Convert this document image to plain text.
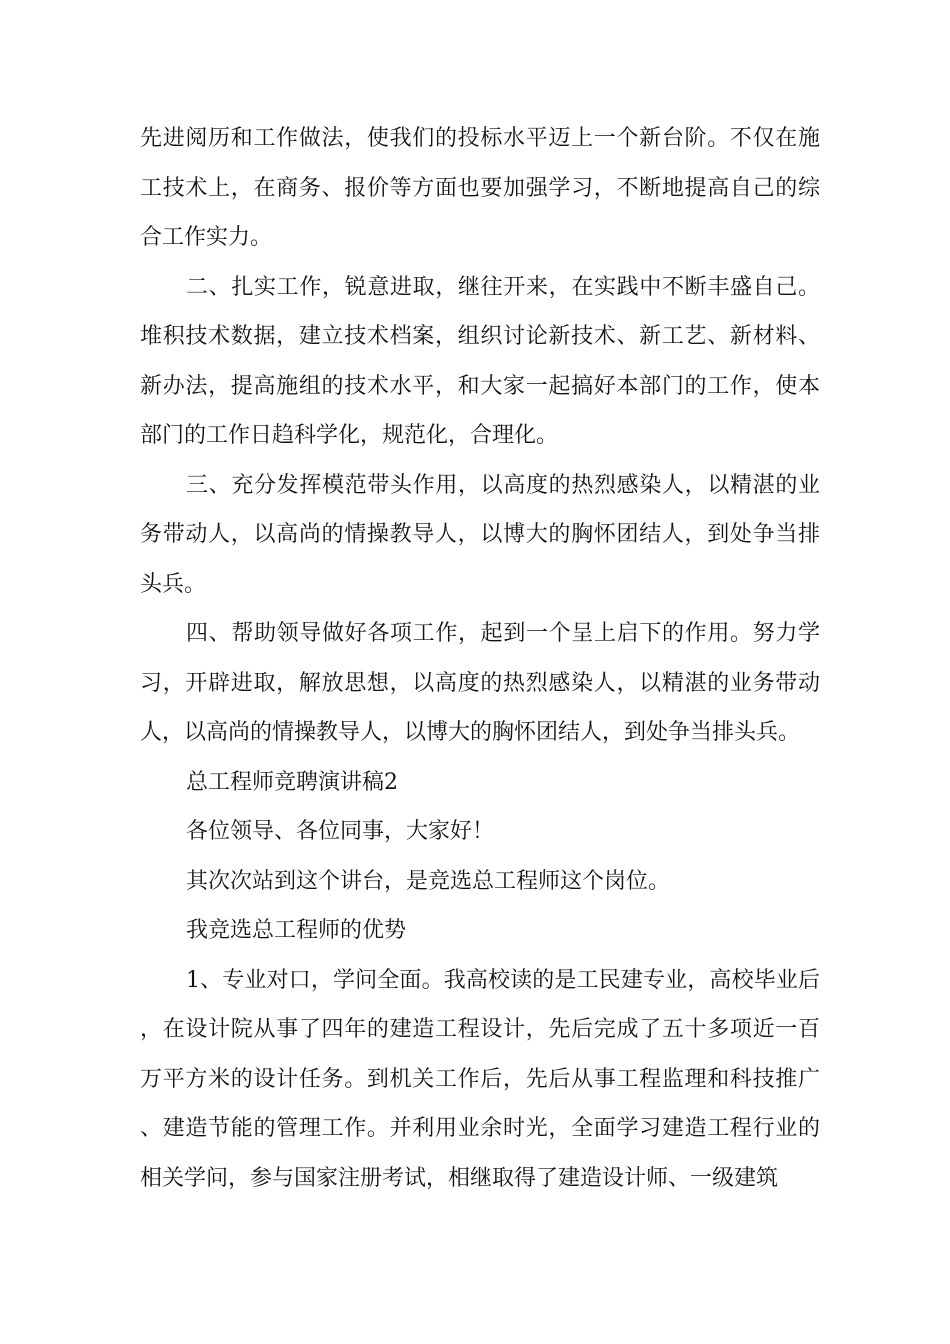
先进阅历和工作做法，使我们的投标水平迈上一个新台阶。不仅在施工技术上，在商务、报价等方面也要加强学习，不断地提高自己的综合工作实力。

二、扎实工作，锐意进取，继往开来，在实践中不断丰盛自己。堆积技术数据，建立技术档案，组织讨论新技术、新工艺、新材料、新办法，提高施组的技术水平，和大家一起搞好本部门的工作，使本部门的工作日趋科学化，规范化，合理化。

三、充分发挥模范带头作用，以高度的热烈感染人，以精湛的业务带动人，以高尚的情操教导人，以博大的胸怀团结人，到处争当排头兵。

四、帮助领导做好各项工作，起到一个呈上启下的作用。努力学习，开辟进取，解放思想，以高度的热烈感染人，以精湛的业务带动人，以高尚的情操教导人，以博大的胸怀团结人，到处争当排头兵。

总工程师竞聘演讲稿2

各位领导、各位同事，大家好！

其次次站到这个讲台，是竞选总工程师这个岗位。

我竞选总工程师的优势

1、专业对口，学问全面。我高校读的是工民建专业，高校毕业后，在设计院从事了四年的建造工程设计，先后完成了五十多项近一百万平方米的设计任务。到机关工作后，先后从事工程监理和科技推广、建造节能的管理工作。并利用业余时光，全面学习建造工程行业的相关学问，参与国家注册考试，相继取得了建造设计师、一级建筑
